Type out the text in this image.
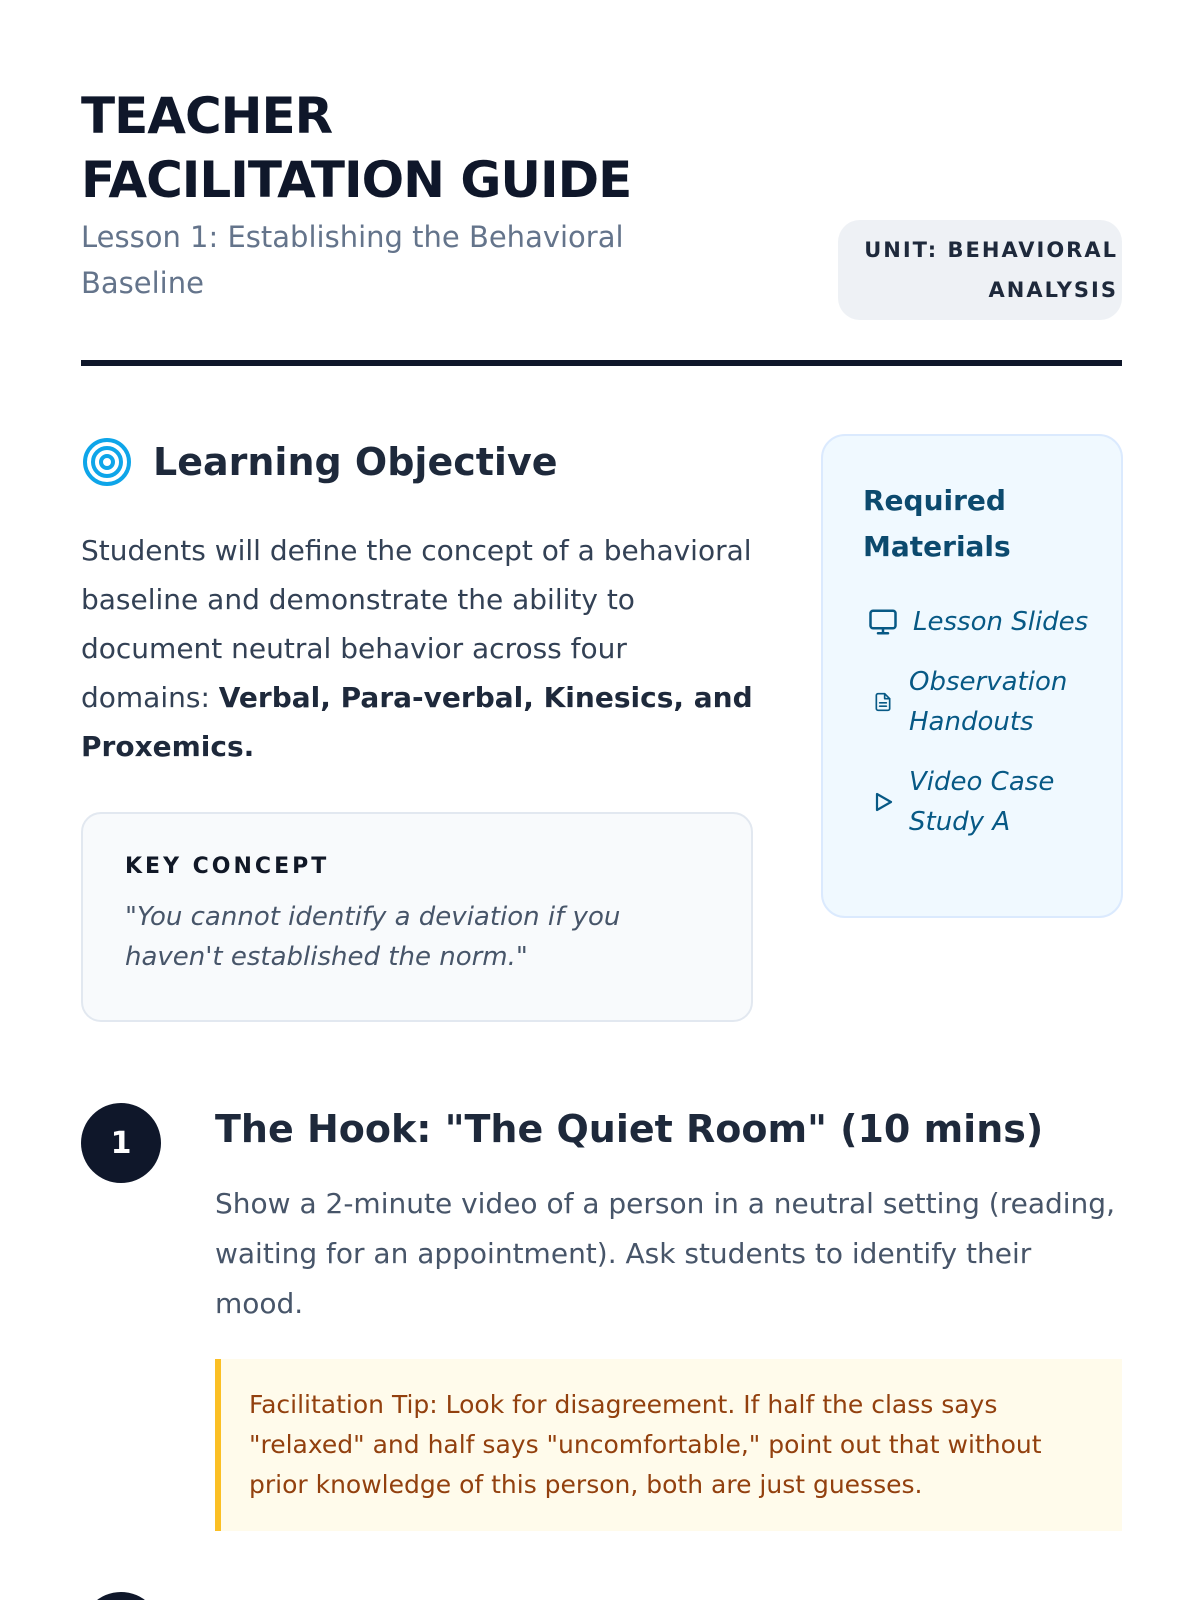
TEACHER
FACILITATION GUIDE
Lesson 1: Establishing the Behavioral Baseline
UNIT: BEHAVIORAL ANALYSIS
Learning Objective

Students will define the concept of a behavioral baseline and demonstrate the ability to document neutral behavior across four domains: Verbal, Para-verbal, Kinesics, and Proxemics.

KEY CONCEPT
"You cannot identify a deviation if you haven't established the norm."
Required Materials
Lesson Slides
Observation Handouts
Video Case Study A
1	The Hook: "The Quiet Room" (10 mins)

Show a 2-minute video of a person in a neutral setting (reading, waiting for an appointment). Ask students to identify their mood.

Facilitation Tip: Look for disagreement. If half the class says "relaxed" and half says "uncomfortable," point out that without prior knowledge of this person, both are just guesses.
